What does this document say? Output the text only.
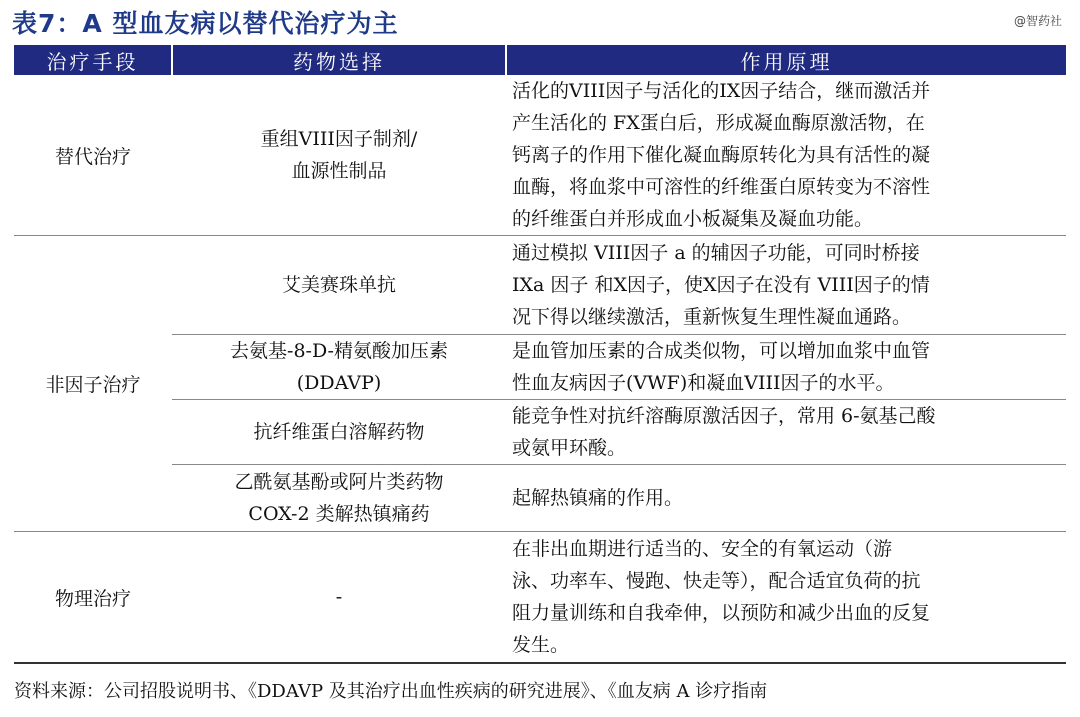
表7：A 型血友病以替代治疗为主	@智药社
治疗手段	药物选择	作用原理
替代治疗	重组VIII因子制剂/
血源性制品	活化的VIII因子与活化的IX因子结合，继而激活并
产生活化的 FX蛋白后，形成凝血酶原激活物，在
钙离子的作用下催化凝血酶原转化为具有活性的凝
血酶，将血浆中可溶性的纤维蛋白原转变为不溶性
的纤维蛋白并形成血小板凝集及凝血功能。

非因子治疗	艾美赛珠单抗	通过模拟 VIII因子 a 的辅因子功能，可同时桥接
IXa 因子 和X因子，使X因子在没有 VIII因子的情
况下得以继续激活，重新恢复生理性凝血通路。

	去氨基-8-D-精氨酸加压素
(DDAVP)	是血管加压素的合成类似物，可以增加血浆中血管
性血友病因子(VWF)和凝血VIII因子的水平。

	抗纤维蛋白溶解药物	能竞争性对抗纤溶酶原激活因子，常用 6-氨基己酸
或氨甲环酸。

	乙酰氨基酚或阿片类药物
COX-2 类解热镇痛药	起解热镇痛的作用。

物理治疗	-	在非出血期进行适当的、安全的有氧运动（游
泳、功率车、慢跑、快走等），配合适宜负荷的抗
阻力量训练和自我牵伸，以预防和减少出血的反复
发生。
资料来源：公司招股说明书、《DDAVP 及其治疗出血性疾病的研究进展》、《血友病 A 诊疗指南
